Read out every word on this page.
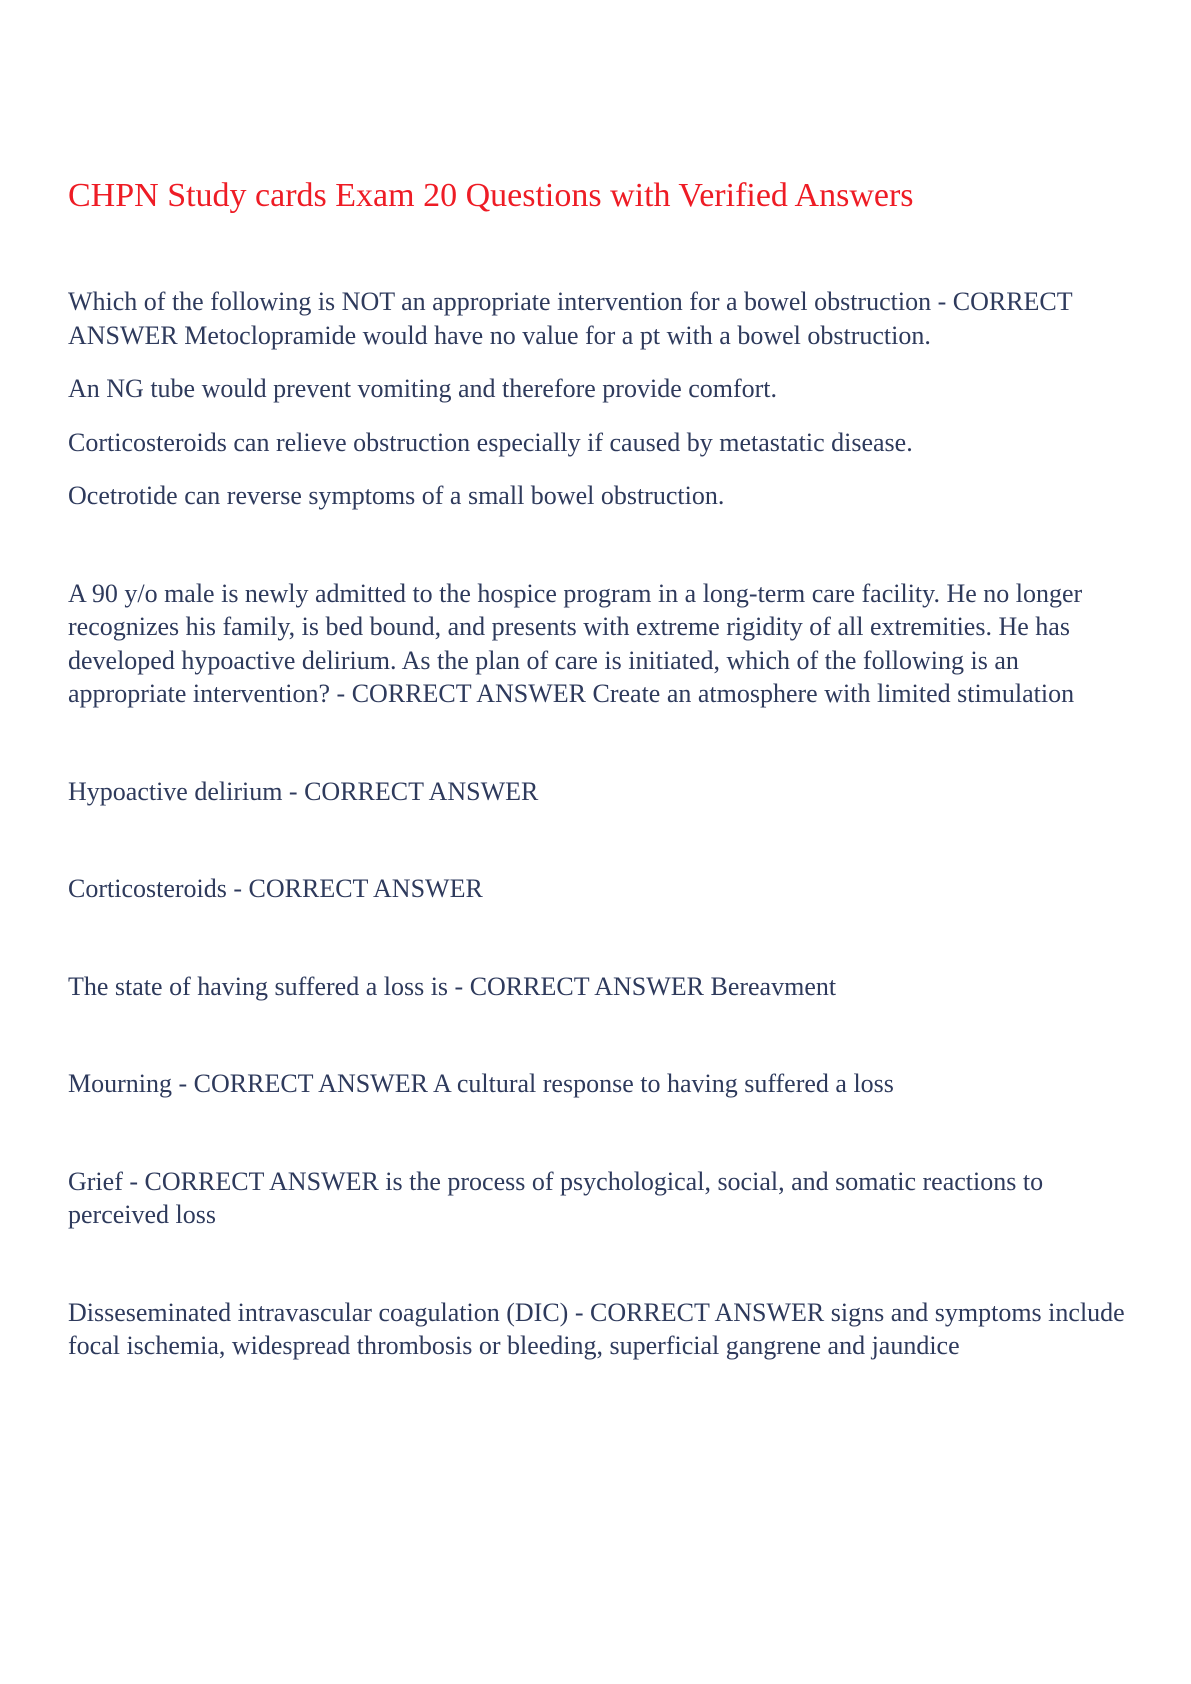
CHPN Study cards Exam 20 Questions with Verified Answers

Which of the following is NOT an appropriate intervention for a bowel obstruction - CORRECT ANSWER Metoclopramide would have no value for a pt with a bowel obstruction.

An NG tube would prevent vomiting and therefore provide comfort.

Corticosteroids can relieve obstruction especially if caused by metastatic disease.

Ocetrotide can reverse symptoms of a small bowel obstruction.

A 90 y/o male is newly admitted to the hospice program in a long-term care facility. He no longer recognizes his family, is bed bound, and presents with extreme rigidity of all extremities. He has developed hypoactive delirium. As the plan of care is initiated, which of the following is an appropriate intervention? - CORRECT ANSWER Create an atmosphere with limited stimulation

Hypoactive delirium - CORRECT ANSWER

Corticosteroids - CORRECT ANSWER

The state of having suffered a loss is - CORRECT ANSWER Bereavment

Mourning - CORRECT ANSWER A cultural response to having suffered a loss

Grief - CORRECT ANSWER is the process of psychological, social, and somatic reactions to perceived loss

Disseseminated intravascular coagulation (DIC) - CORRECT ANSWER signs and symptoms include focal ischemia, widespread thrombosis or bleeding, superficial gangrene and jaundice
